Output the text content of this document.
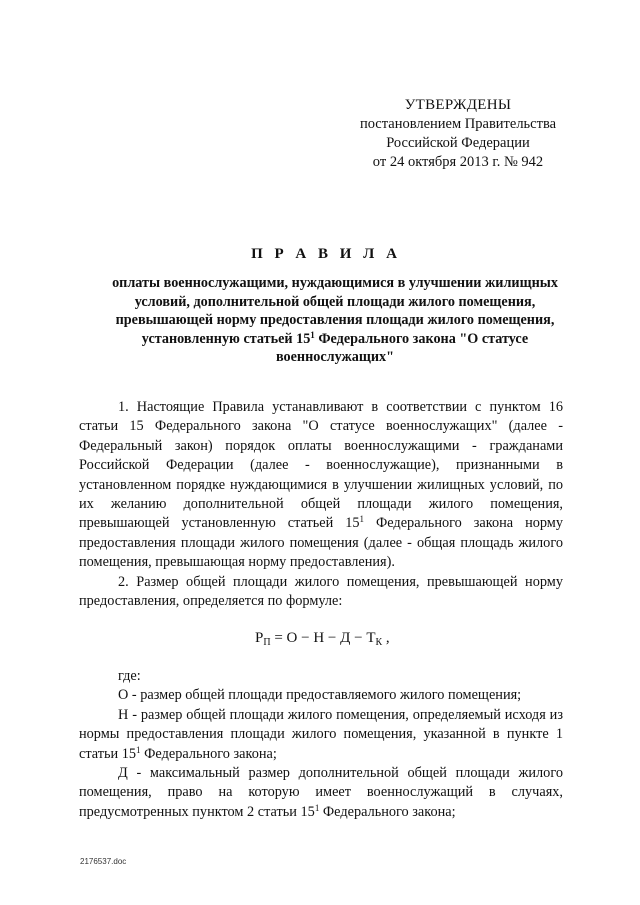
УТВЕРЖДЕНЫ
постановлением Правительства
Российской Федерации
от 24 октября 2013 г. № 942
П Р А В И Л А
оплаты военнослужащими, нуждающимися в улучшении жилищных условий, дополнительной общей площади жилого помещения, превышающей норму предоставления площади жилого помещения, установленную статьей $15^1$ Федерального закона "О статусе военнослужащих"

1. Настоящие Правила устанавливают в соответствии с пунктом 16 статьи 15 Федерального закона "О статусе военнослужащих" (далее - Федеральный закон) порядок оплаты военнослужащими - гражданами Российской Федерации (далее - военнослужащие), признанными в установленном порядке нуждающимися в улучшении жилищных условий, по их желанию дополнительной общей площади жилого помещения, превышающей установленную статьей $15^1$ Федерального закона норму предоставления площади жилого помещения (далее - общая площадь жилого помещения, превышающая норму предоставления).

2. Размер общей площади жилого помещения, превышающей норму предоставления, определяется по формуле:

$Р_П = О - Н - Д - Т_К$ ,

где:

О - размер общей площади предоставляемого жилого помещения;

Н - размер общей площади жилого помещения, определяемый исходя из нормы предоставления площади жилого помещения, указанной в пункте 1 статьи $15^1$ Федерального закона;

Д - максимальный размер дополнительной общей площади жилого помещения, право на которую имеет военнослужащий в случаях, предусмотренных пунктом 2 статьи $15^1$ Федерального закона;

2176537.doc
